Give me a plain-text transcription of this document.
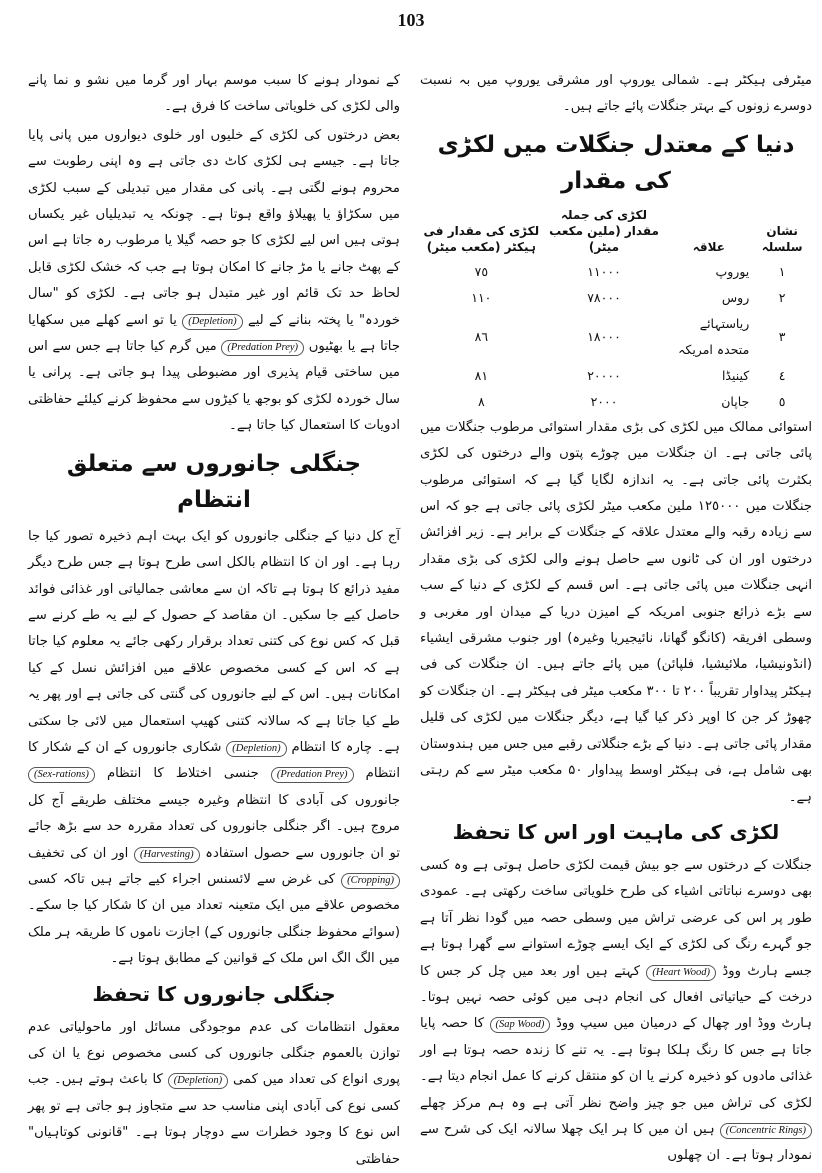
103

میٹرفی ہیکٹر ہے۔ شمالی یوروپ اور مشرقی یوروپ میں بہ نسبت دوسرے زونوں کے بہتر جنگلات پائے جاتے ہیں۔

دنیا کے معتدل جنگلات میں لکڑی کی مقدار
نشان سلسلہ	علاقہ	لکڑی کی جملہ مقدار (ملین مکعب میٹر)	لکڑی کی مقدار فی ہیکٹر (مکعب میٹر)
١	یوروپ	١١٠٠٠	٧٥
٢	روس	٧٨٠٠٠	١١٠
٣	ریاستہائے متحدہ امریکہ	١٨٠٠٠	٨٦
٤	کینیڈا	٢٠٠٠٠	٨١
٥	جاپان	٢٠٠٠	٨

استوائی ممالک میں لکڑی کی بڑی مقدار استوائی مرطوب جنگلات میں پائی جاتی ہے۔ ان جنگلات میں چوڑے پتوں والے درختوں کی لکڑی بکثرت پائی جاتی ہے۔ یہ اندازہ لگایا گیا ہے کہ استوائی مرطوب جنگلات میں ١٢٥٠٠٠ ملین مکعب میٹر لکڑی پائی جاتی ہے جو کہ اس سے زیادہ رقبہ والے معتدل علاقہ کے جنگلات کے برابر ہے۔ زیر افزائش درختوں اور ان کی ٹانوں سے حاصل ہونے والی لکڑی کی بڑی مقدار انہی جنگلات میں پائی جاتی ہے۔ اس قسم کے لکڑی کے دنیا کے سب سے بڑے ذرائع جنوبی امریکہ کے امیزن دریا کے میدان اور مغربی و وسطی افریقہ (کانگو گھانا، نائیجیریا وغیرہ) اور جنوب مشرقی ایشیاء (انڈونیشیا، ملائیشیا، فلپائن) میں پائے جاتے ہیں۔ ان جنگلات کی فی ہیکٹر پیداوار تقریباً ٢٠٠ تا ٣٠٠ مکعب میٹر فی ہیکٹر ہے۔ ان جنگلات کو چھوڑ کر جن کا اوپر ذکر کیا گیا ہے، دیگر جنگلات میں لکڑی کی قلیل مقدار پائی جاتی ہے۔ دنیا کے بڑے جنگلاتی رقبے میں جس میں ہندوستان بھی شامل ہے، فی ہیکٹر اوسط پیداوار ۵٠ مکعب میٹر سے کم رہتی ہے۔

لکڑی کی ماہیت اور اس کا تحفظ

جنگلات کے درختوں سے جو بیش قیمت لکڑی حاصل ہوتی ہے وہ کسی بھی دوسرے نباتاتی اشیاء کی طرح خلویاتی ساخت رکھتی ہے۔ عمودی طور پر اس کی عرضی تراش میں وسطی حصہ میں گودا نظر آتا ہے جو گہرے رنگ کی لکڑی کے ایک ایسے چوڑے استوانے سے گھرا ہوتا ہے جسے ہارٹ ووڈ (Heart Wood) کہتے ہیں اور بعد میں چل کر جس کا درخت کے حیاتیاتی افعال کی انجام دہی میں کوئی حصہ نہیں ہوتا۔ ہارٹ ووڈ اور چھال کے درمیان میں سیپ ووڈ (Sap Wood) کا حصہ پایا جاتا ہے جس کا رنگ ہلکا ہوتا ہے۔ یہ تنے کا زندہ حصہ ہوتا ہے اور غذائی مادوں کو ذخیرہ کرنے یا ان کو منتقل کرنے کا عمل انجام دیتا ہے۔ لکڑی کی تراش میں جو چیز واضح نظر آتی ہے وہ ہم مرکز چھلے (Concentric Rings) ہیں ان میں کا ہر ایک چھلا سالانہ ایک کی شرح سے نمودار ہوتا ہے۔ ان چھلوں

کے نمودار ہونے کا سبب موسم بہار اور گرما میں نشو و نما پانے والی لکڑی کی خلویاتی ساخت کا فرق ہے۔

بعض درختوں کی لکڑی کے خلیوں اور خلوی دیواروں میں پانی پایا جاتا ہے۔ جیسے ہی لکڑی کاٹ دی جاتی ہے وہ اپنی رطوبت سے محروم ہونے لگتی ہے۔ پانی کی مقدار میں تبدیلی کے سبب لکڑی میں سکڑاؤ یا پھیلاؤ واقع ہوتا ہے۔ چونکہ یہ تبدیلیاں غیر یکساں ہوتی ہیں اس لیے لکڑی کا جو حصہ گیلا یا مرطوب رہ جاتا ہے اس کے پھٹ جانے یا مڑ جانے کا امکان ہوتا ہے جب کہ خشک لکڑی قابل لحاظ حد تک قائم اور غیر متبدل ہو جاتی ہے۔ لکڑی کو "سال خوردہ" یا پختہ بنانے کے لیے (Depletion) یا تو اسے کھلے میں سکھایا جاتا ہے یا بھٹیوں (Predation Prey) میں گرم کیا جاتا ہے جس سے اس میں ساختی قیام پذیری اور مضبوطی پیدا ہو جاتی ہے۔ پرانی یا سال خوردہ لکڑی کو بوجھ یا کیڑوں سے محفوظ کرنے کیلئے حفاظتی ادویات کا استعمال کیا جاتا ہے۔

جنگلی جانوروں سے متعلق انتظام

آج کل دنیا کے جنگلی جانوروں کو ایک بہت اہم ذخیرہ تصور کیا جا رہا ہے۔ اور ان کا انتظام بالکل اسی طرح ہوتا ہے جس طرح دیگر مفید ذرائع کا ہوتا ہے تاکہ ان سے معاشی جمالیاتی اور غذائی فوائد حاصل کیے جا سکیں۔ ان مقاصد کے حصول کے لیے یہ طے کرنے سے قبل کہ کس نوع کی کتنی تعداد برقرار رکھی جائے یہ معلوم کیا جاتا ہے کہ اس کے کسی مخصوص علاقے میں افزائش نسل کے کیا امکانات ہیں۔ اس کے لیے جانوروں کی گنتی کی جاتی ہے اور پھر یہ طے کیا جاتا ہے کہ سالانہ کتنی کھیپ استعمال میں لائی جا سکتی ہے۔ چارہ کا انتظام (Depletion) شکاری جانوروں کے ان کے شکار کا انتظام (Predation Prey) جنسی اختلاط کا انتظام (Sex-rations) جانوروں کی آبادی کا انتظام وغیرہ جیسے مختلف طریقے آج کل مروج ہیں۔ اگر جنگلی جانوروں کی تعداد مقررہ حد سے بڑھ جائے تو ان جانوروں سے حصول استفادہ (Harvesting) اور ان کی تخفیف (Cropping) کی غرض سے لائسنس اجراء کیے جاتے ہیں تاکہ کسی مخصوص علاقے میں ایک متعینہ تعداد میں ان کا شکار کیا جا سکے۔ (سوائے محفوظ جنگلی جانوروں کے) اجازت ناموں کا طریقہ ہر ملک میں الگ الگ اس ملک کے قوانین کے مطابق ہوتا ہے۔

جنگلی جانوروں کا تحفظ

معقول انتظامات کی عدم موجودگی مسائل اور ماحولیاتی عدم توازن بالعموم جنگلی جانوروں کی کسی مخصوص نوع یا ان کی پوری انواع کی تعداد میں کمی (Depletion) کا باعث ہوتے ہیں۔ جب کسی نوع کی آبادی اپنی مناسب حد سے متجاوز ہو جاتی ہے تو پھر اس نوع کا وجود خطرات سے دوچار ہوتا ہے۔ "قانونی کوتاہیاں" حفاظتی
